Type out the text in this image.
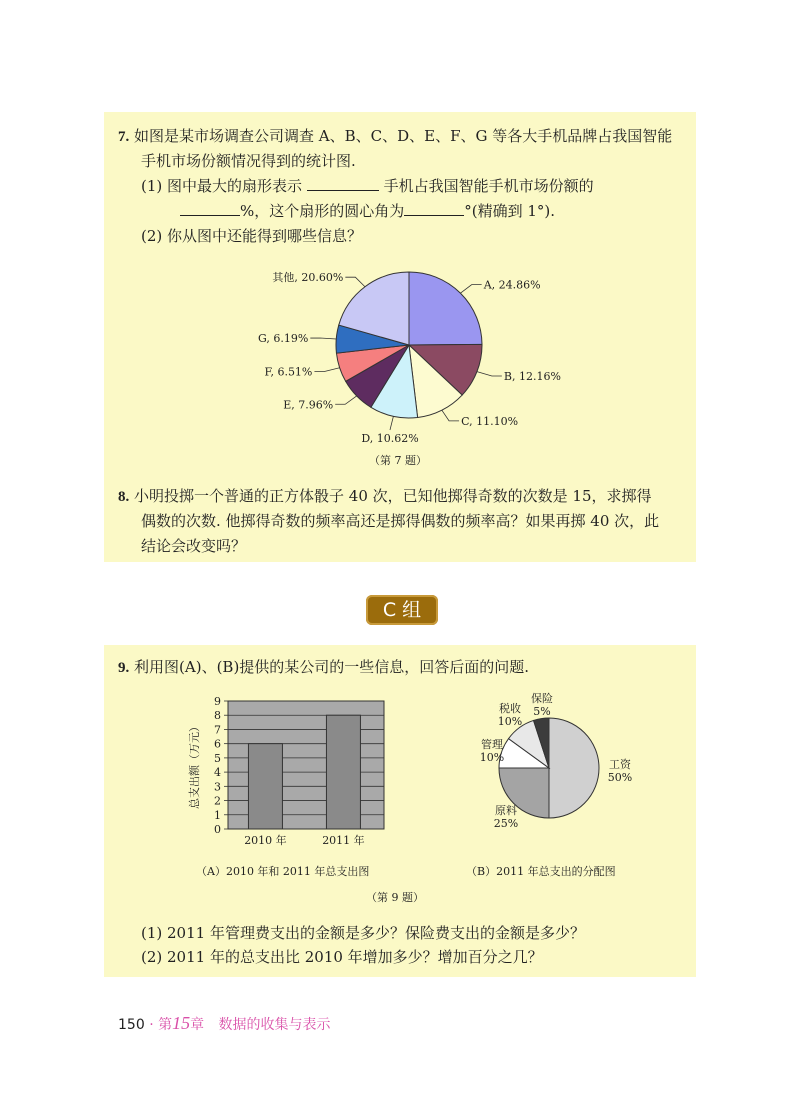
7. 如图是某市场调查公司调查 A、B、C、D、E、F、G 等各大手机品牌占我国智能
手机市场份额情况得到的统计图.
(1) 图中最大的扇形表示	手机占我国智能手机市场份额的
%，这个扇形的圆心角为	°(精确到 1°).
(2) 你从图中还能得到哪些信息？
A, 24.86%
B, 12.16%
C, 11.10%
D, 10.62%
E, 7.96%
F, 6.51%
G, 6.19%
其他, 20.60%
（第 7 题）
8. 小明投掷一个普通的正方体骰子 40 次，已知他掷得奇数的次数是 15，求掷得
偶数的次数. 他掷得奇数的频率高还是掷得偶数的频率高？如果再掷 40 次，此
结论会改变吗？
C 组
9. 利用图(A)、(B)提供的某公司的一些信息，回答后面的问题.
0
1
2
3
4
5
6
7
8
9
2010 年	2011 年
总支出额（万元）	工资
50%
原料
25%
管理
10%
税收
10%
保险
5%
（A）2010 年和 2011 年总支出图	（B）2011 年总支出的分配图
（第 9 题）
(1) 2011 年管理费支出的金额是多少？保险费支出的金额是多少？
(2) 2011 年的总支出比 2010 年增加多少？增加百分之几？
150 · 第15章 数据的收集与表示
